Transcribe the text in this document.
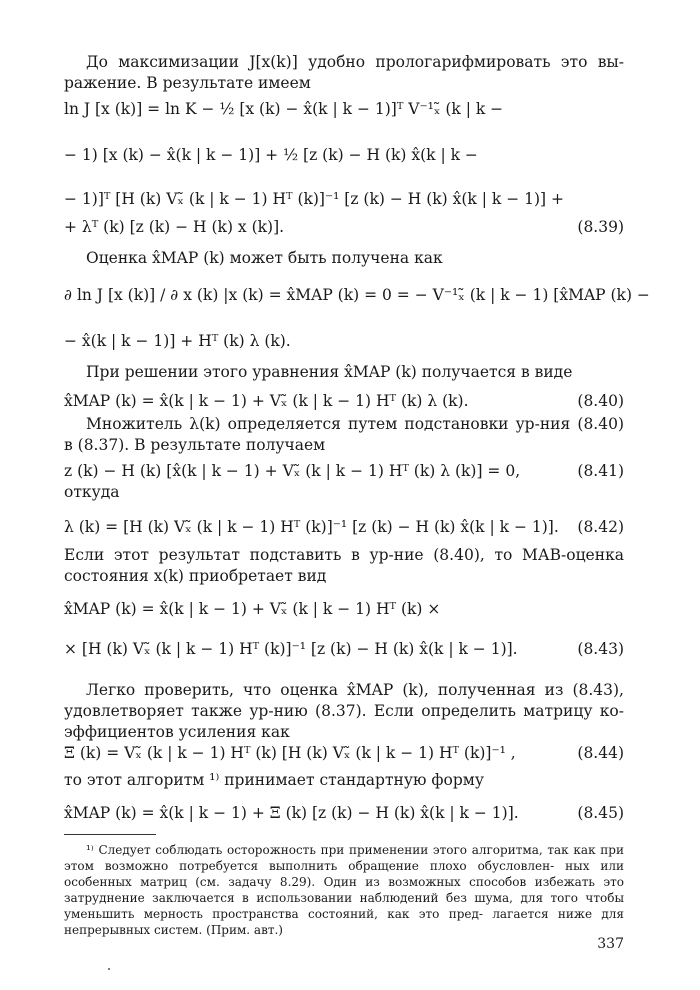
До максимизации J[x(k)] удобно прологарифмировать это вы- ражение. В результате имеем
ln J [x (k)] = ln K − ½ [x (k) − x̂(k | k − 1)]ᵀ V⁻¹ₓ̃ (k | k −
− 1) [x (k) − x̂(k | k − 1)] + ½ [z (k) − H (k) x̂(k | k −
− 1)]ᵀ [H (k) Vₓ̃ (k | k − 1) Hᵀ (k)]⁻¹ [z (k) − H (k) x̂(k | k − 1)] +
+ λᵀ (k) [z (k) − H (k) x (k)].	(8.39)
Оценка x̂MAP (k) может быть получена как
∂ ln J [x (k)] / ∂ x (k) |x (k) = x̂MAP (k) = 0 = − V⁻¹ₓ̃ (k | k − 1) [x̂MAP (k) −
− x̂(k | k − 1)] + Hᵀ (k) λ (k).
При решении этого уравнения x̂MAP (k) получается в виде
x̂MAP (k) = x̂(k | k − 1) + Vₓ̃ (k | k − 1) Hᵀ (k) λ (k).	(8.40)
Множитель λ(k) определяется путем подстановки ур-ния (8.40) в (8.37). В результате получаем
z (k) − H (k) [x̂(k | k − 1) + Vₓ̃ (k | k − 1) Hᵀ (k) λ (k)] = 0,	(8.41)
откуда
λ (k) = [H (k) Vₓ̃ (k | k − 1) Hᵀ (k)]⁻¹ [z (k) − H (k) x̂(k | k − 1)]. (8.42)
Если этот результат подставить в ур-ние (8.40), то МАВ-оценка состояния x(k) приобретает вид
x̂MAP (k) = x̂(k | k − 1) + Vₓ̃ (k | k − 1) Hᵀ (k) ×
× [H (k) Vₓ̃ (k | k − 1) Hᵀ (k)]⁻¹ [z (k) − H (k) x̂(k | k − 1)].	(8.43)
Легко проверить, что оценка x̂MAP (k), полученная из (8.43), удовлетворяет также ур-нию (8.37). Если определить матрицу ко- эффициентов усиления как
Ξ (k) = Vₓ̃ (k | k − 1) Hᵀ (k) [H (k) Vₓ̃ (k | k − 1) Hᵀ (k)]⁻¹ ,	(8.44)
то этот алгоритм ¹⁾ принимает стандартную форму
x̂MAP (k) = x̂(k | k − 1) + Ξ (k) [z (k) − H (k) x̂(k | k − 1)].	(8.45)
¹⁾ Следует соблюдать осторожность при применении этого алгоритма, так как при этом возможно потребуется выполнить обращение плохо обусловлен- ных или особенных матриц (см. задачу 8.29). Один из возможных способов избежать это затруднение заключается в использовании наблюдений без шума, для того чтобы уменьшить мерность пространства состояний, как это пред- лагается ниже для непрерывных систем. (Прим. авт.)
337
